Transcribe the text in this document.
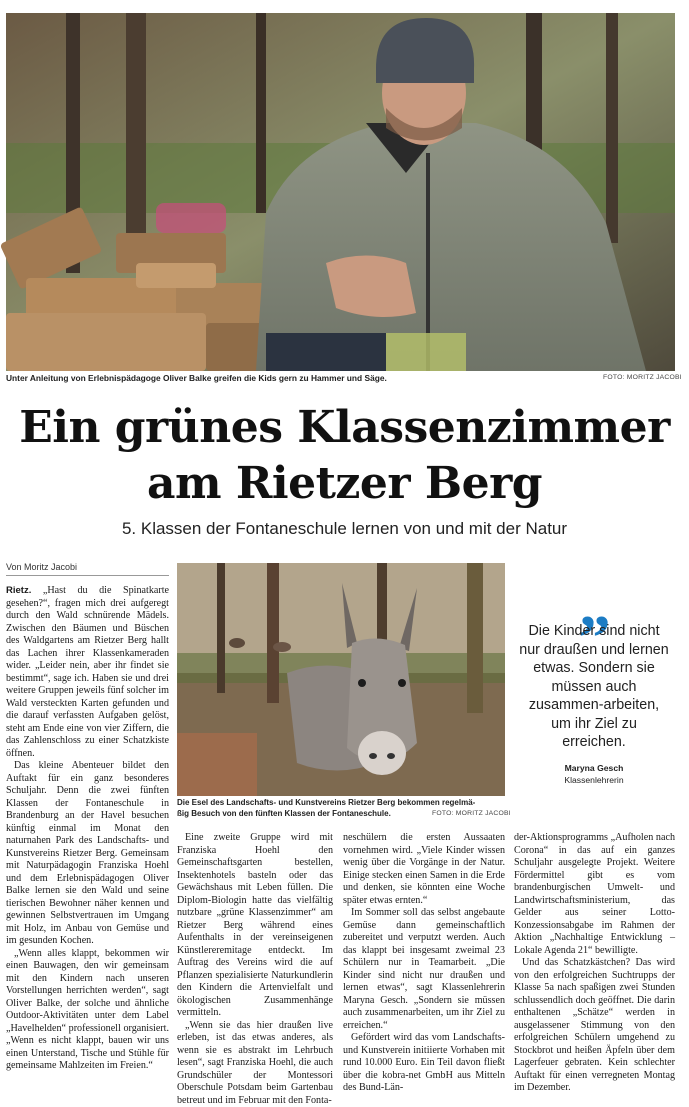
Unter Anleitung von Erlebnispädagoge Oliver Balke greifen die Kids gern zu Hammer und Säge.	FOTO: MORITZ JACOBI
Ein grünes Klassenzimmer
am Rietzer Berg
5. Klassen der Fontaneschule lernen von und mit der Natur
Von Moritz Jacobi
Die Esel des Landschafts- und Kunstvereins Rietzer Berg bekommen regelmä-
ßig Besuch von den fünften Klassen der Fontaneschule.	FOTO: MORITZ JACOBI
„
Die Kinder sind nicht nur draußen und lernen etwas. Sondern sie müssen auch zusammen-arbeiten, um ihr Ziel zu erreichen.
Maryna Gesch
Klassenlehrerin

Rietz. „Hast du die Spinatkarte gesehen?“, fragen mich drei aufgeregt durch den Wald schnürende Mädels. Zwischen den Bäumen und Büschen des Waldgartens am Rietzer Berg hallt das Lachen ihrer Klassenkameraden wider. „Leider nein, aber ihr findet sie bestimmt“, sage ich. Haben sie und drei weitere Gruppen jeweils fünf solcher im Wald versteckten Karten gefunden und die darauf verfassten Aufgaben gelöst, steht am Ende eine von vier Ziffern, die das Zahlenschloss zu einer Schatzkiste öffnen.

Das kleine Abenteuer bildet den Auftakt für ein ganz besonderes Schuljahr. Denn die zwei fünften Klassen der Fontaneschule in Brandenburg an der Havel besuchen künftig einmal im Monat den naturnahen Park des Landschafts- und Kunstvereins Rietzer Berg. Gemeinsam mit Naturpädagogin Franziska Hoehl und dem Erlebnispädagogen Oliver Balke lernen sie den Wald und seine tierischen Bewohner näher kennen und gewinnen Selbstvertrauen im Umgang mit Holz, im Anbau von Gemüse und im gesunden Kochen.

„Wenn alles klappt, bekommen wir einen Bauwagen, den wir gemeinsam mit den Kindern nach unseren Vorstellungen herrichten werden“, sagt Oliver Balke, der solche und ähnliche Outdoor-Aktivitäten unter dem Label „Havelhelden“ professionell organisiert. „Wenn es nicht klappt, bauen wir uns einen Unterstand, Tische und Stühle für gemeinsame Mahlzeiten im Freien.“

Eine zweite Gruppe wird mit Franziska Hoehl den Gemeinschaftsgarten bestellen, Insektenhotels basteln oder das Gewächshaus mit Leben füllen. Die Diplom-Biologin hatte das vielfältig nutzbare „grüne Klassenzimmer“ am Rietzer Berg während eines Aufenthalts in der vereinseigenen Künstlereremitage entdeckt. Im Auftrag des Vereins wird die auf Pflanzen spezialisierte Naturkundlerin den Kindern die Artenvielfalt und ökologischen Zusammenhänge vermitteln.

„Wenn sie das hier draußen live erleben, ist das etwas anderes, als wenn sie es abstrakt im Lehrbuch lesen“, sagt Franziska Hoehl, die auch Grundschüler der Montessori Oberschule Potsdam beim Gartenbau betreut und im Februar mit den Fonta-

neschülern die ersten Aussaaten vornehmen wird. „Viele Kinder wissen wenig über die Vorgänge in der Natur. Einige stecken einen Samen in die Erde und denken, sie könnten eine Woche später etwas ernten.“

Im Sommer soll das selbst angebaute Gemüse dann gemeinschaftlich zubereitet und verputzt werden. Auch das klappt bei insgesamt zweimal 23 Schülern nur in Teamarbeit. „Die Kinder sind nicht nur draußen und lernen etwas“, sagt Klassenlehrerin Maryna Gesch. „Sondern sie müssen auch zusammenarbeiten, um ihr Ziel zu erreichen.“

Gefördert wird das vom Landschafts- und Kunstverein initiierte Vorhaben mit rund 10.000 Euro. Ein Teil davon fließt über die kobra-net GmbH aus Mitteln des Bund-Län-

der-Aktionsprogramms „Aufholen nach Corona“ in das auf ein ganzes Schuljahr ausgelegte Projekt. Weitere Fördermittel gibt es vom brandenburgischen Umwelt- und Landwirtschaftsministerium, das Gelder aus seiner Lotto-Konzessionsabgabe im Rahmen der Aktion „Nachhaltige Entwicklung – Lokale Agenda 21“ bewilligte.

Und das Schatzkästchen? Das wird von den erfolgreichen Suchtrupps der Klasse 5a nach spaßigen zwei Stunden schlussendlich doch geöffnet. Die darin enthaltenen „Schätze“ werden in ausgelassener Stimmung von den erfolgreichen Schülern umgehend zu Stockbrot und heißen Äpfeln über dem Lagerfeuer gebraten. Kein schlechter Auftakt für einen verregneten Montag im Dezember.
